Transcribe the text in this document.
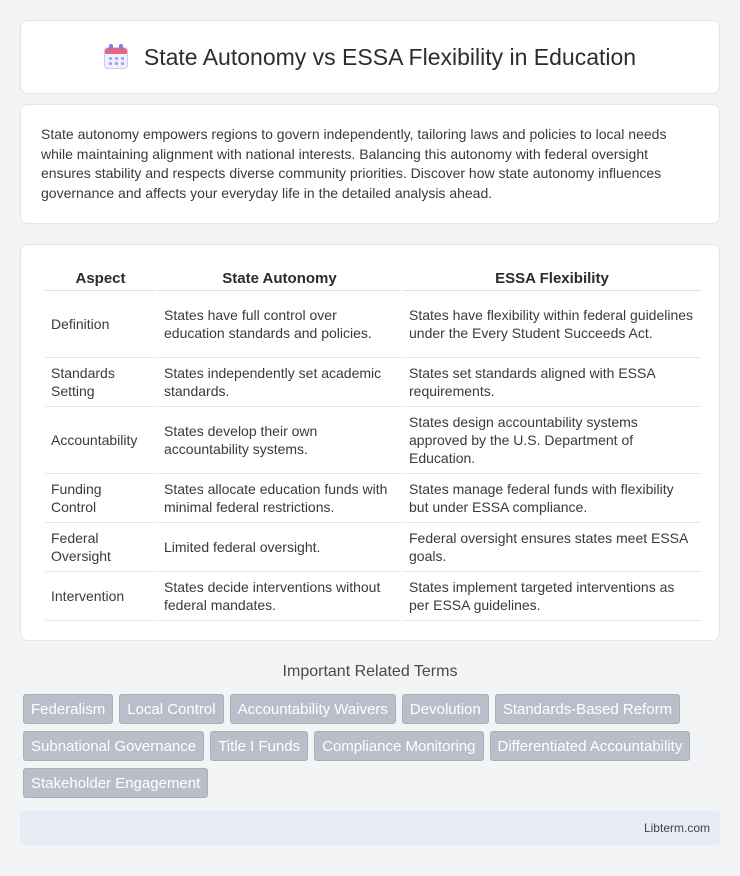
State Autonomy vs ESSA Flexibility in Education

State autonomy empowers regions to govern independently, tailoring laws and policies to local needs while maintaining alignment with national interests. Balancing this autonomy with federal oversight ensures stability and respects diverse community priorities. Discover how state autonomy influences governance and affects your everyday life in the detailed analysis ahead.

Aspect	State Autonomy	ESSA Flexibility
Definition	States have full control over education standards and policies.	States have flexibility within federal guidelines under the Every Student Succeeds Act.
Standards Setting	States independently set academic standards.	States set standards aligned with ESSA requirements.
Accountability	States develop their own accountability systems.	States design accountability systems approved by the U.S. Department of Education.
Funding Control	States allocate education funds with minimal federal restrictions.	States manage federal funds with flexibility but under ESSA compliance.
Federal Oversight	Limited federal oversight.	Federal oversight ensures states meet ESSA goals.
Intervention	States decide interventions without federal mandates.	States implement targeted interventions as per ESSA guidelines.
Important Related Terms
Federalism	Local Control	Accountability Waivers	Devolution	Standards-Based Reform
Subnational Governance	Title I Funds	Compliance Monitoring	Differentiated Accountability
Stakeholder Engagement
Libterm.com
